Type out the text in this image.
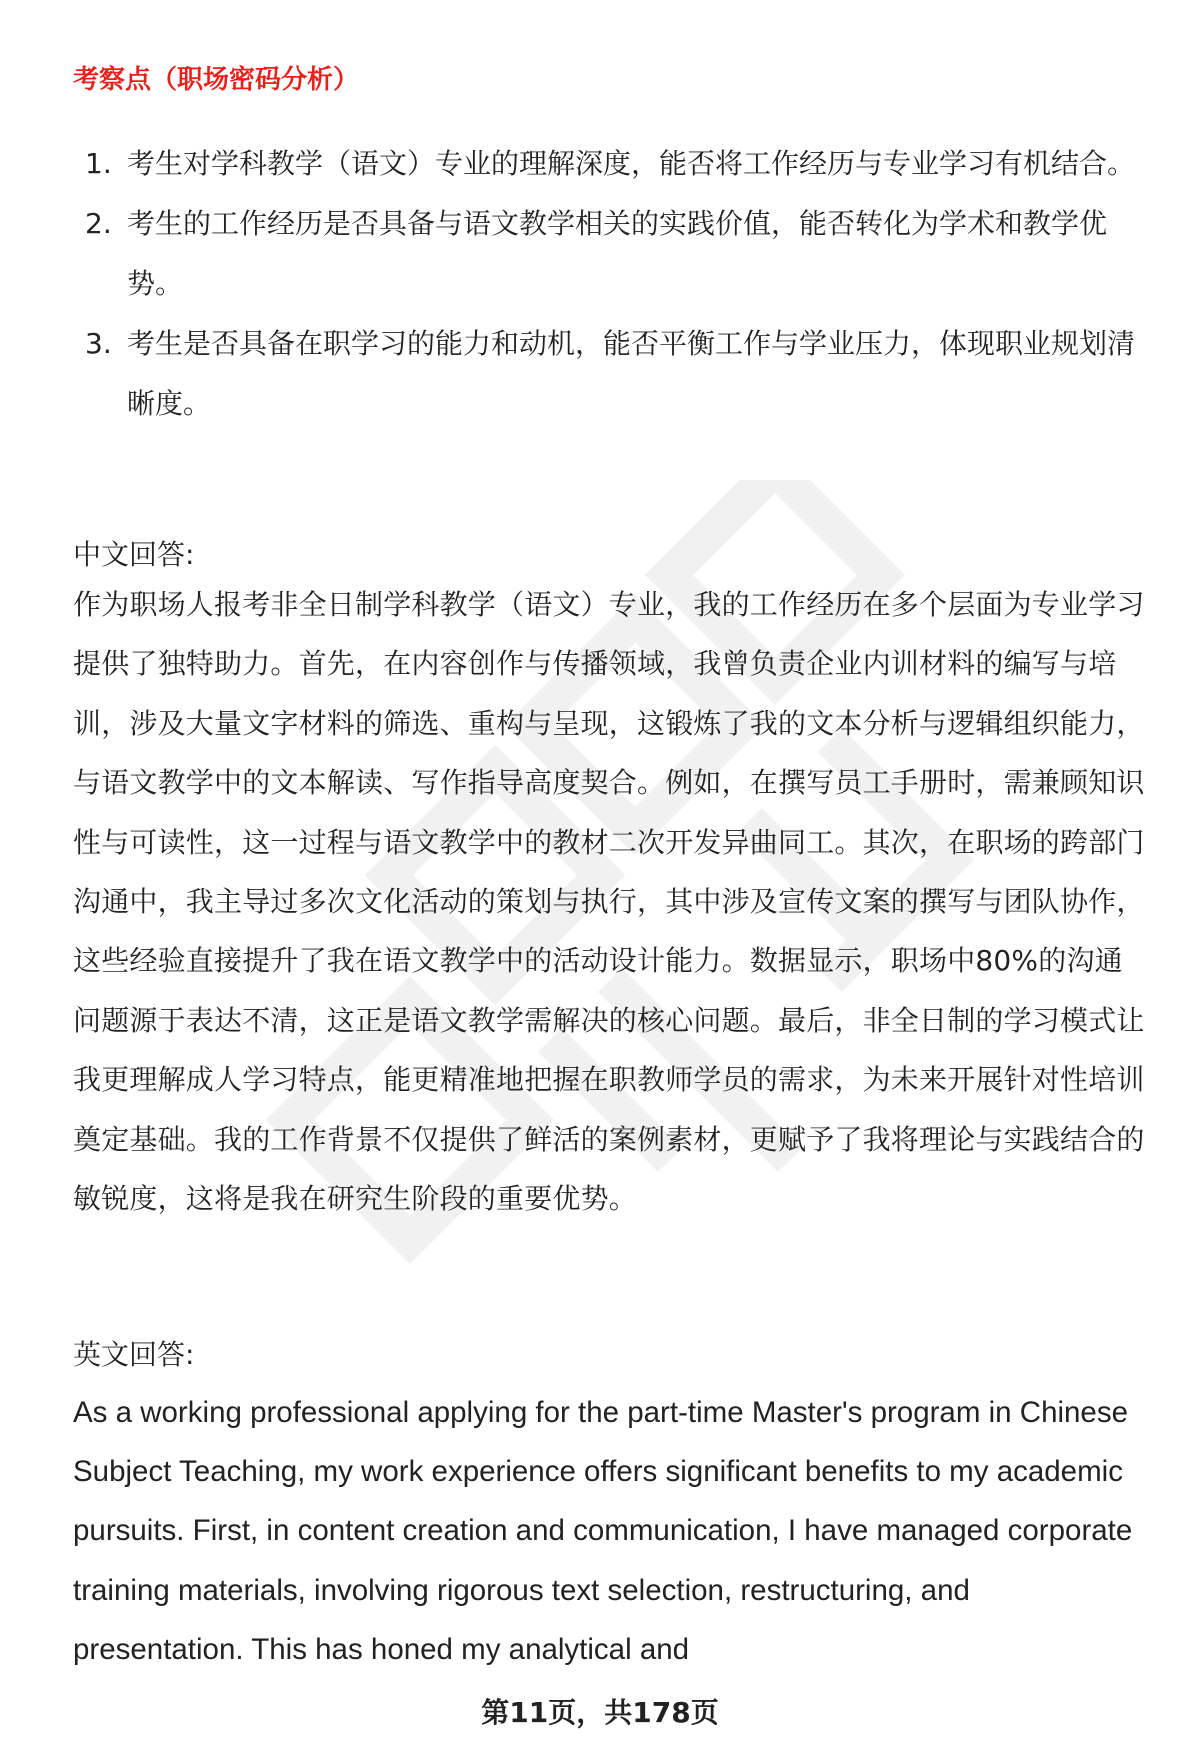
考察点（职场密码分析）
1. 考生对学科教学（语文）专业的理解深度，能否将工作经历与专业学习有机结合。
2. 考生的工作经历是否具备与语文教学相关的实践价值，能否转化为学术和教学优势。
3. 考生是否具备在职学习的能力和动机，能否平衡工作与学业压力，体现职业规划清晰度。

中文回答:

作为职场人报考非全日制学科教学（语文）专业，我的工作经历在多个层面为专业学习提供了独特助力。首先，在内容创作与传播领域，我曾负责企业内训材料的编写与培训，涉及大量文字材料的筛选、重构与呈现，这锻炼了我的文本分析与逻辑组织能力，与语文教学中的文本解读、写作指导高度契合。例如，在撰写员工手册时，需兼顾知识性与可读性，这一过程与语文教学中的教材二次开发异曲同工。其次，在职场的跨部门沟通中，我主导过多次文化活动的策划与执行，其中涉及宣传文案的撰写与团队协作，这些经验直接提升了我在语文教学中的活动设计能力。数据显示，职场中80%的沟通问题源于表达不清，这正是语文教学需解决的核心问题。最后，非全日制的学习模式让我更理解成人学习特点，能更精准地把握在职教师学员的需求，为未来开展针对性培训奠定基础。我的工作背景不仅提供了鲜活的案例素材，更赋予了我将理论与实践结合的敏锐度，这将是我在研究生阶段的重要优势。

英文回答:

As a working professional applying for the part-time Master's program in Chinese Subject Teaching, my work experience offers significant benefits to my academic pursuits. First, in content creation and communication, I have managed corporate training materials, involving rigorous text selection, restructuring, and presentation. This has honed my analytical and

第11页，共178页
